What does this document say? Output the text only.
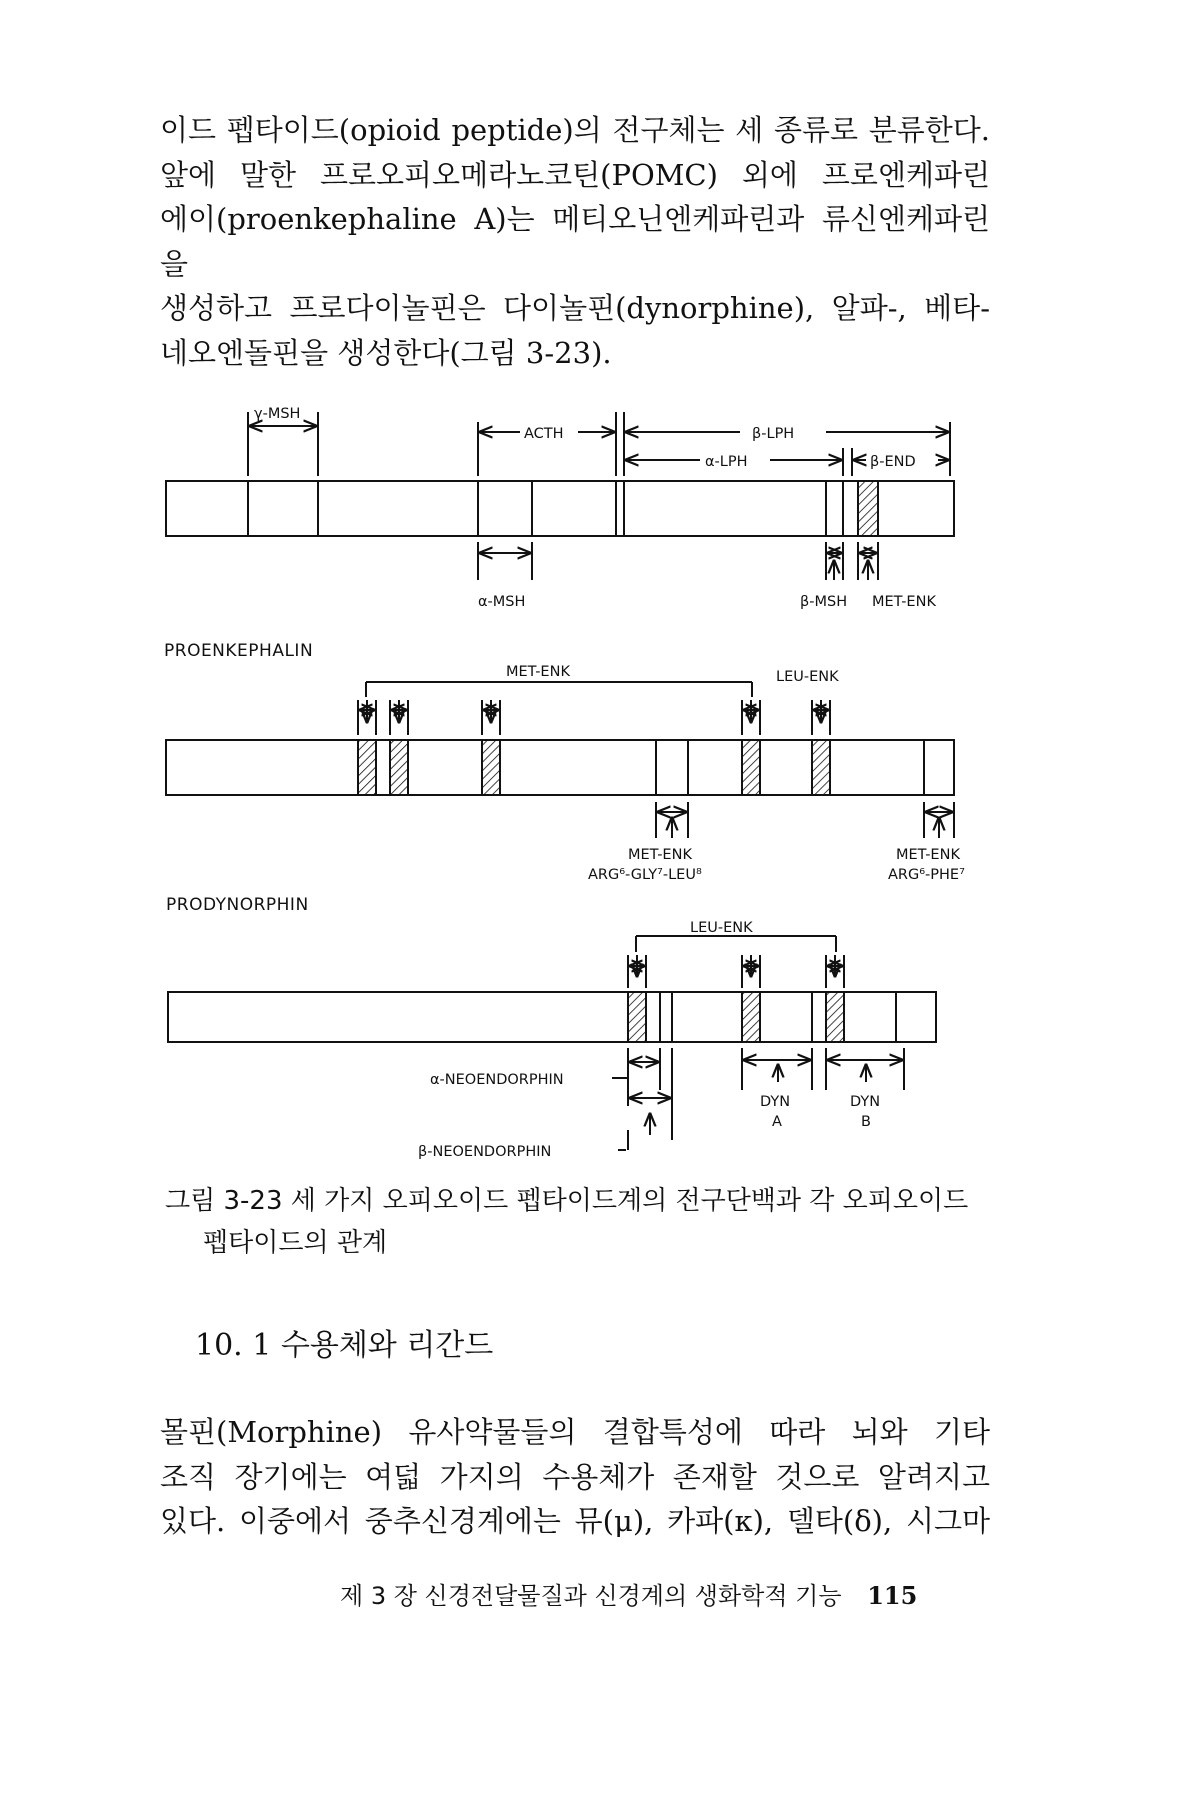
이드 펩타이드(opioid peptide)의 전구체는 세 종류로 분류한다.
앞에 말한 프로오피오메라노코틴(POMC) 외에 프로엔케파린
에이(proenkephaline A)는 메티오닌엔케파린과 류신엔케파린을
생성하고 프로다이놀핀은 다이놀핀(dynorphine), 알파-, 베타-
네오엔돌핀을 생성한다(그림 3-23).
γ-MSH
ACTH	β-LPH
α-LPH	β-END
α-MSH	β-MSH MET-ENK
PROENKEPHALIN
MET-ENK	LEU-ENK
MET-ENK
ARG⁶-GLY⁷-LEU⁸
MET-ENK
ARG⁶-PHE⁷
PRODYNORPHIN
LEU-ENK
α-NEOENDORPHIN
β-NEOENDORPHIN
DYN
A
DYN
B
그림 3-23 세 가지 오피오이드 펩타이드계의 전구단백과 각 오피오이드

펩타이드의 관계
10. 1 수용체와 리간드
몰핀(Morphine) 유사약물들의 결합특성에 따라 뇌와 기타
조직 장기에는 여덟 가지의 수용체가 존재할 것으로 알려지고
있다. 이중에서 중추신경계에는 뮤(μ), 카파(κ), 델타(δ), 시그마
제 3 장 신경전달물질과 신경계의 생화학적 기능 115
